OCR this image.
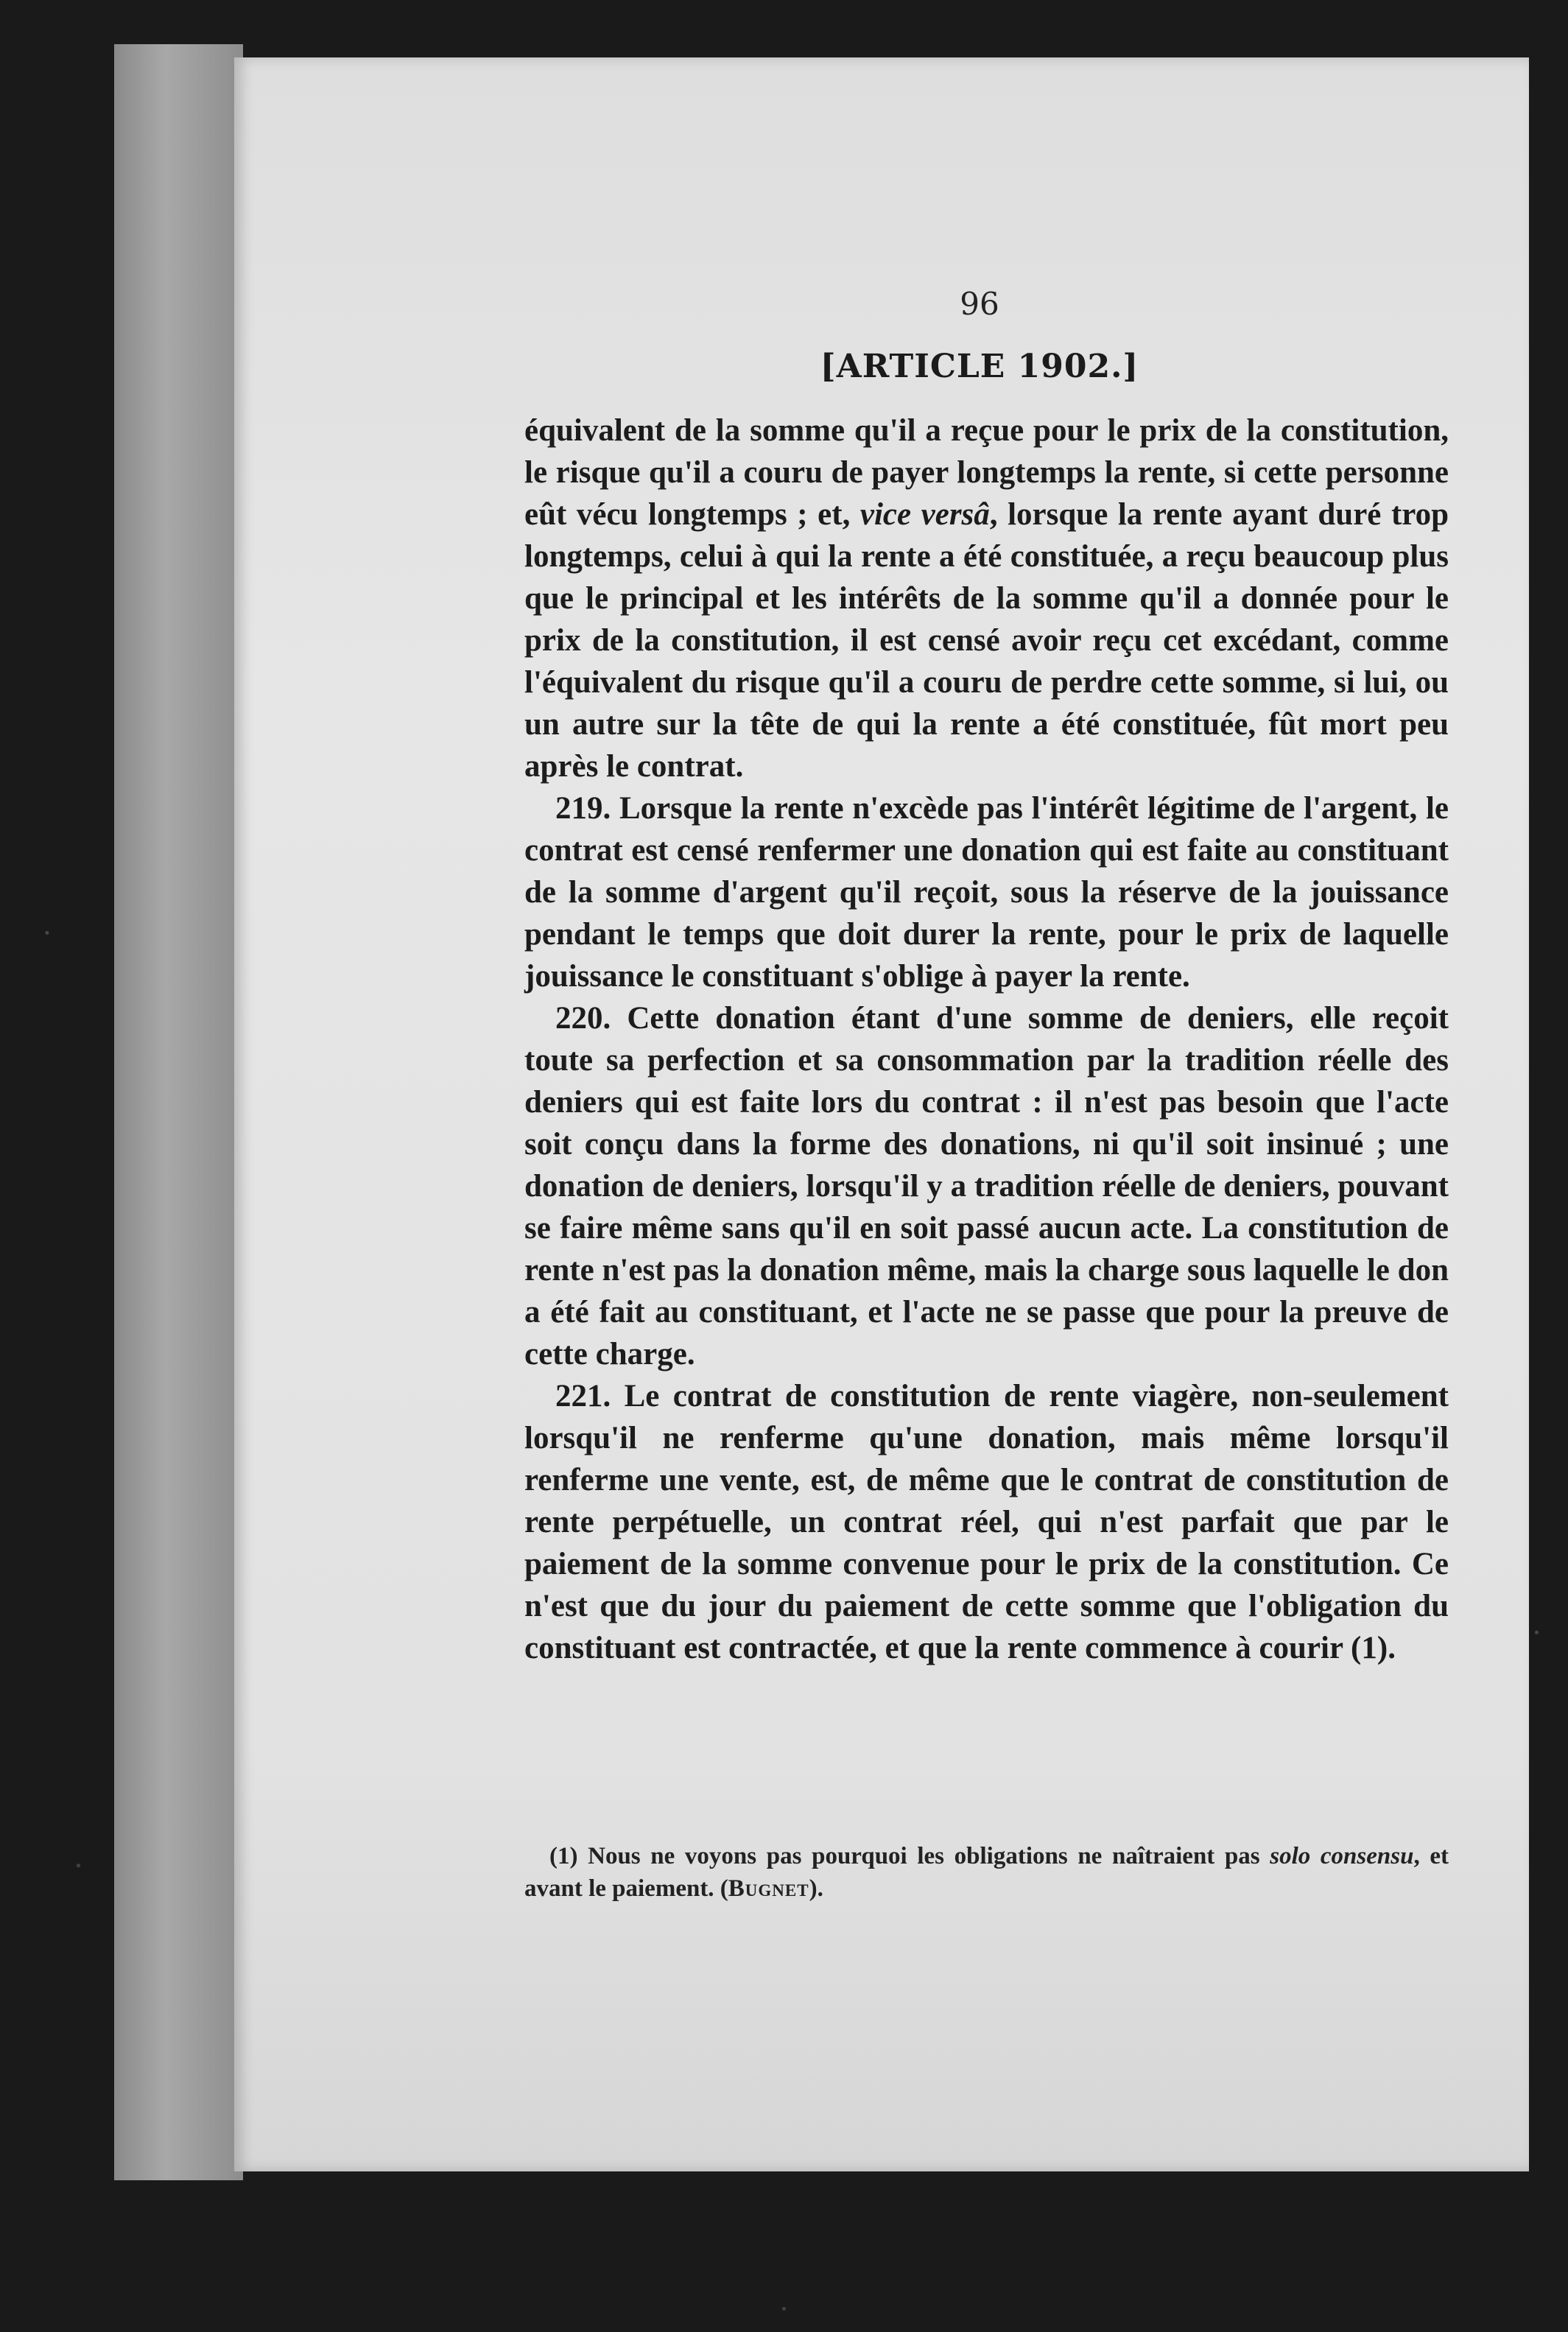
96
[ARTICLE 1902.]

équivalent de la somme qu'il a reçue pour le prix de la constitution, le risque qu'il a couru de payer longtemps la rente, si cette personne eût vécu longtemps ; et, vice versâ, lorsque la rente ayant duré trop longtemps, celui à qui la rente a été constituée, a reçu beaucoup plus que le principal et les intérêts de la somme qu'il a donnée pour le prix de la constitution, il est censé avoir reçu cet excédant, comme l'équivalent du risque qu'il a couru de perdre cette somme, si lui, ou un autre sur la tête de qui la rente a été constituée, fût mort peu après le contrat.

219. Lorsque la rente n'excède pas l'intérêt légitime de l'argent, le contrat est censé renfermer une donation qui est faite au constituant de la somme d'argent qu'il reçoit, sous la réserve de la jouissance pendant le temps que doit durer la rente, pour le prix de laquelle jouissance le constituant s'oblige à payer la rente.

220. Cette donation étant d'une somme de deniers, elle reçoit toute sa perfection et sa consommation par la tradition réelle des deniers qui est faite lors du contrat : il n'est pas besoin que l'acte soit conçu dans la forme des donations, ni qu'il soit insinué ; une donation de deniers, lorsqu'il y a tradition réelle de deniers, pouvant se faire même sans qu'il en soit passé aucun acte. La constitution de rente n'est pas la donation même, mais la charge sous laquelle le don a été fait au constituant, et l'acte ne se passe que pour la preuve de cette charge.

221. Le contrat de constitution de rente viagère, non-seulement lorsqu'il ne renferme qu'une donation, mais même lorsqu'il renferme une vente, est, de même que le contrat de constitution de rente perpétuelle, un contrat réel, qui n'est parfait que par le paiement de la somme convenue pour le prix de la constitution. Ce n'est que du jour du paiement de cette somme que l'obligation du constituant est contractée, et que la rente commence à courir (1).

(1) Nous ne voyons pas pourquoi les obligations ne naîtraient pas solo consensu, et avant le paiement. (Bugnet).
